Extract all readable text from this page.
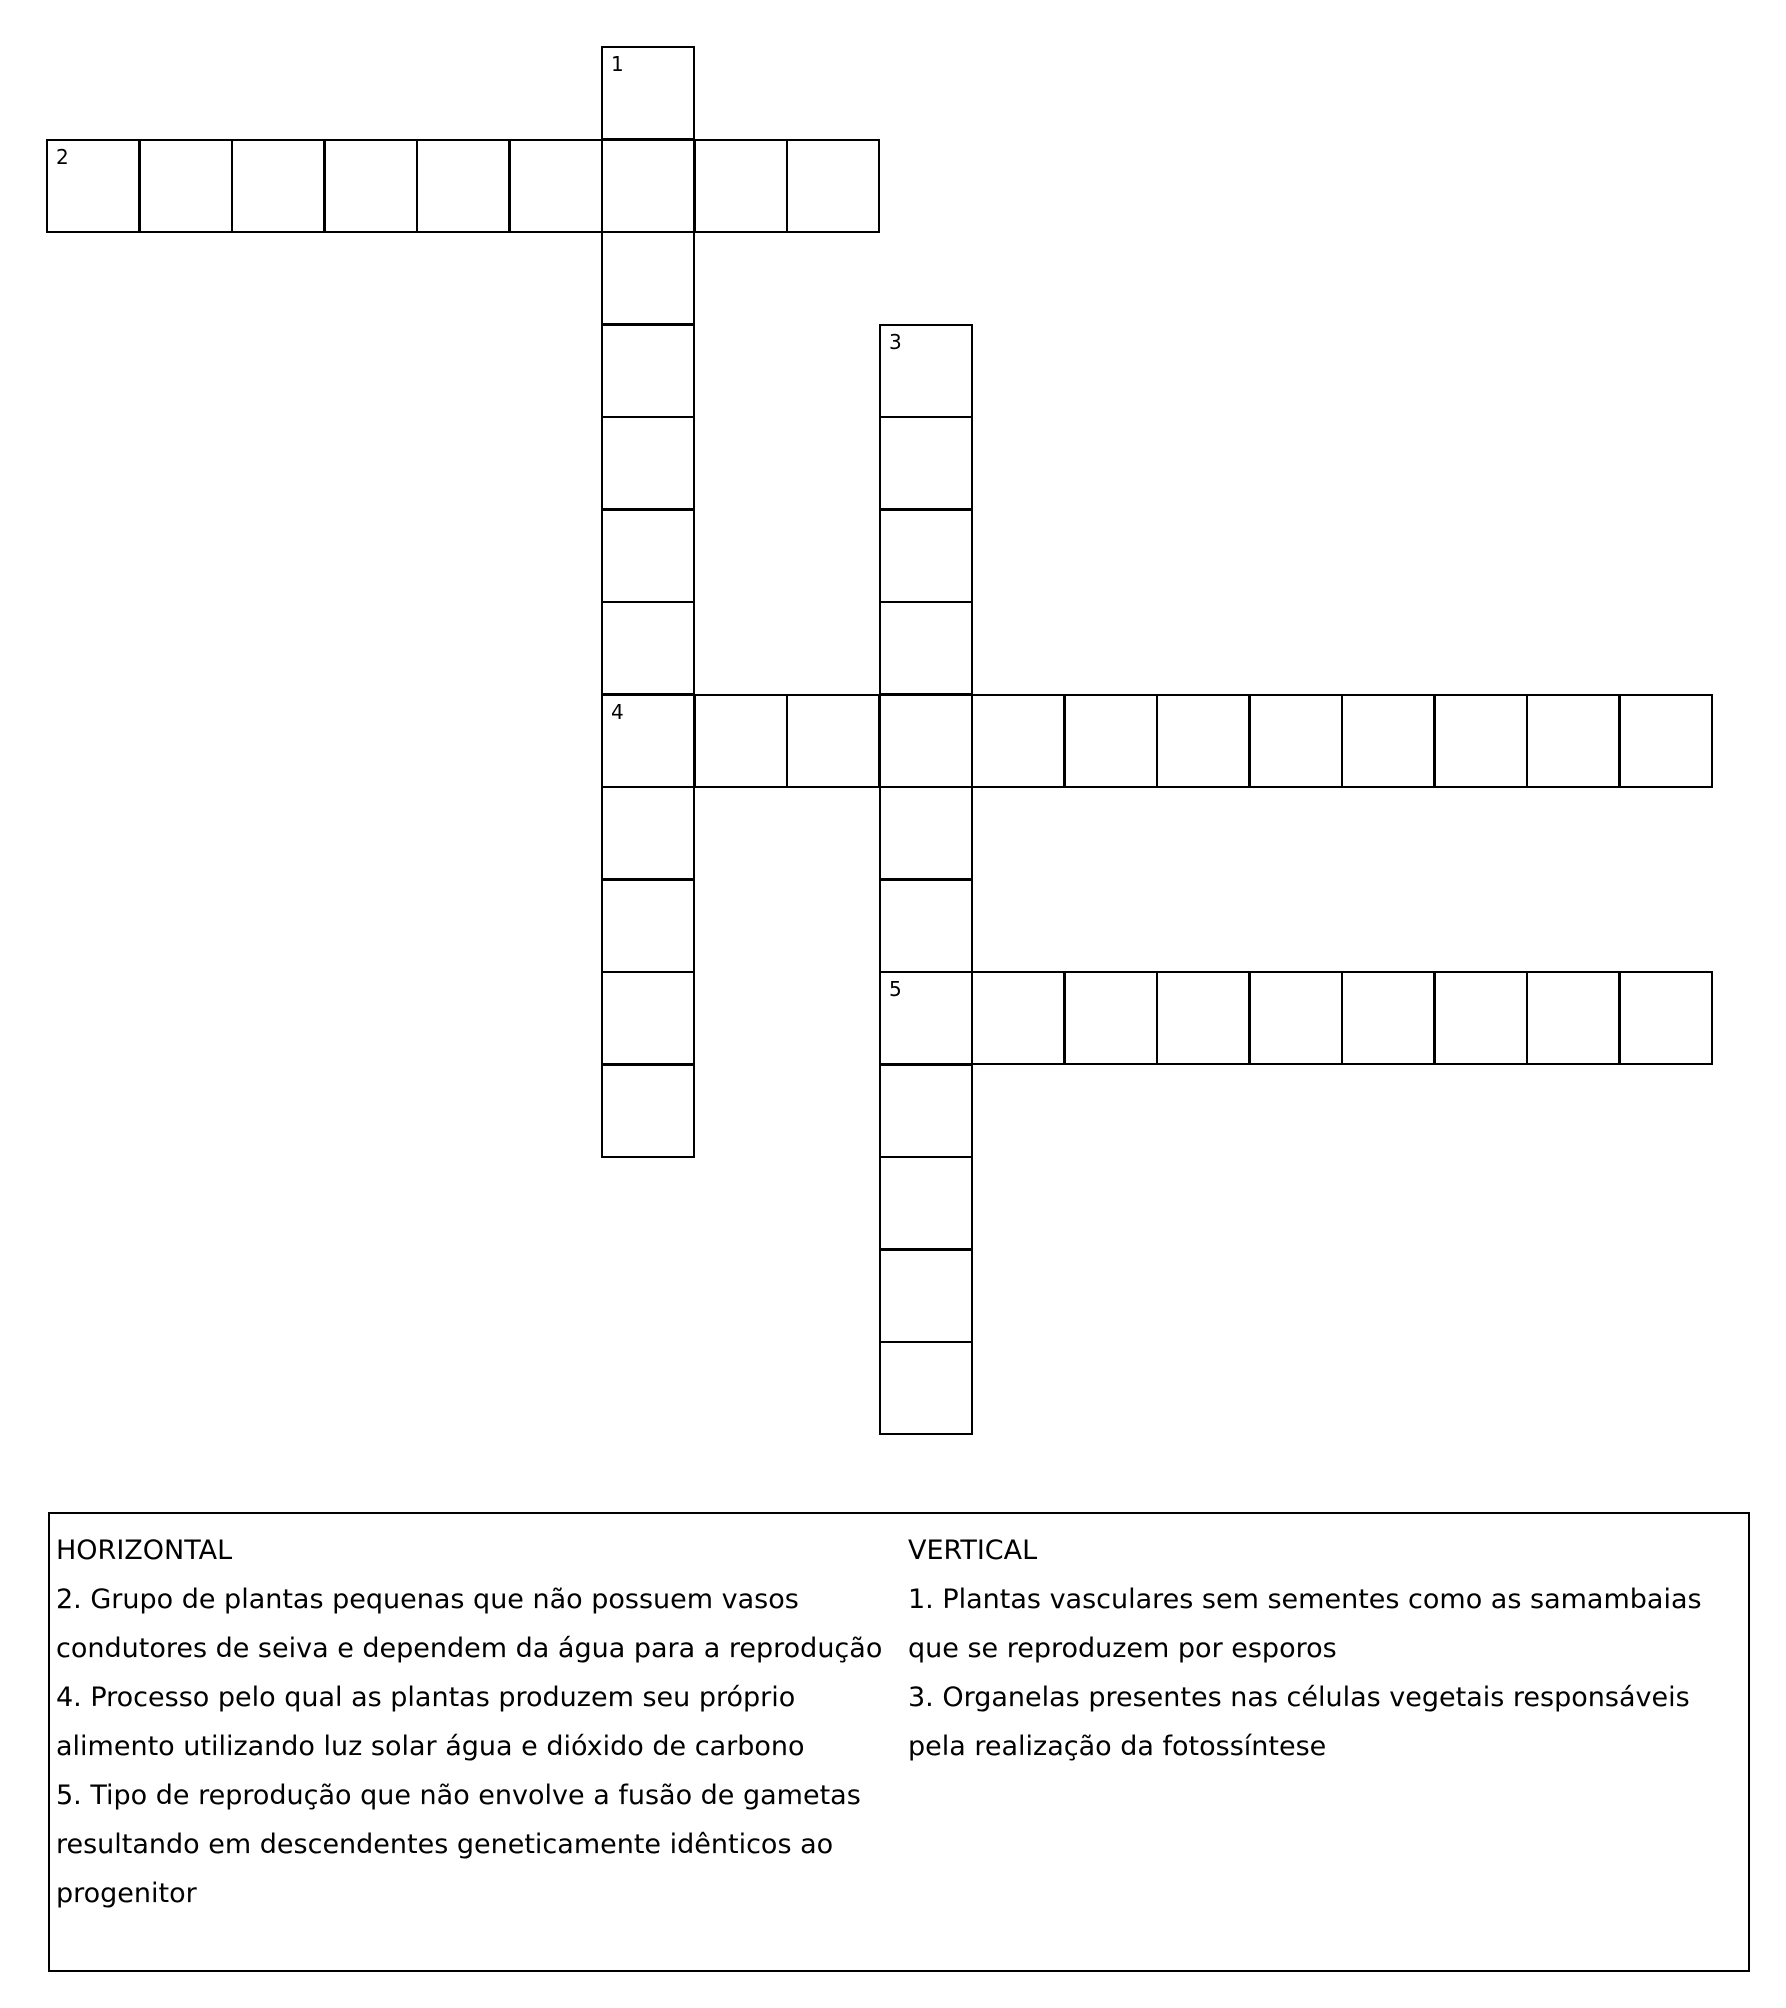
1
2
4
3
5
HORIZONTAL
2. Grupo de plantas pequenas que não possuem vasos condutores de seiva e dependem da água para a reprodução
4. Processo pelo qual as plantas produzem seu próprio alimento utilizando luz solar água e dióxido de carbono
5. Tipo de reprodução que não envolve a fusão de gametas resultando em descendentes geneticamente idênticos ao progenitor
VERTICAL
1. Plantas vasculares sem sementes como as samambaias que se reproduzem por esporos
3. Organelas presentes nas células vegetais responsáveis pela realização da fotossíntese
